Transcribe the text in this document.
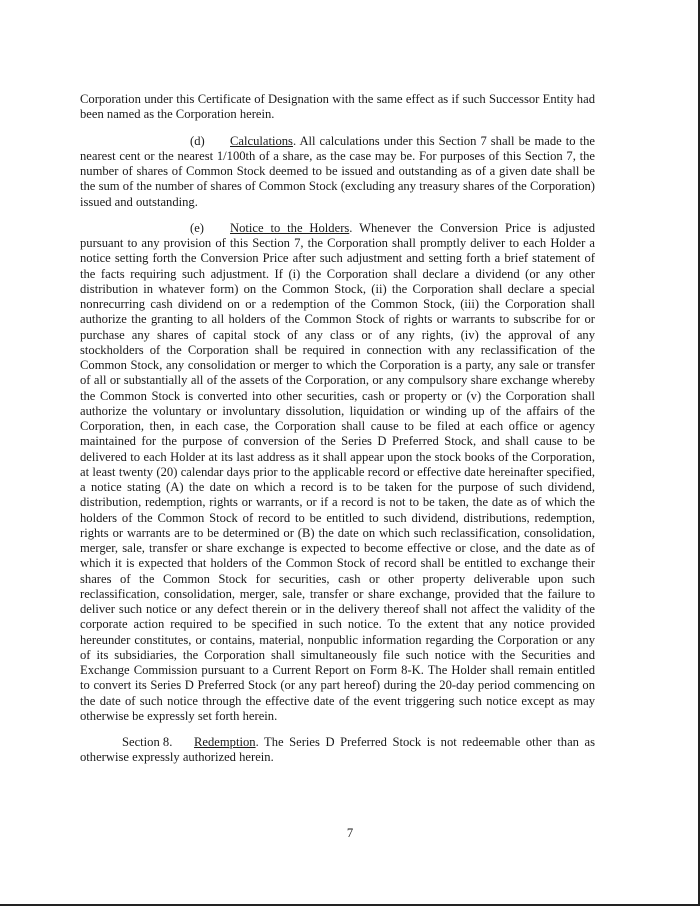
Corporation under this Certificate of Designation with the same effect as if such Successor Entity had been named as the Corporation herein.

(d) Calculations. All calculations under this Section 7 shall be made to the nearest cent or the nearest 1/100th of a share, as the case may be. For purposes of this Section 7, the number of shares of Common Stock deemed to be issued and outstanding as of a given date shall be the sum of the number of shares of Common Stock (excluding any treasury shares of the Corporation) issued and outstanding.

(e) Notice to the Holders. Whenever the Conversion Price is adjusted pursuant to any provision of this Section 7, the Corporation shall promptly deliver to each Holder a notice setting forth the Conversion Price after such adjustment and setting forth a brief statement of the facts requiring such adjustment. If (i) the Corporation shall declare a dividend (or any other distribution in whatever form) on the Common Stock, (ii) the Corporation shall declare a special nonrecurring cash dividend on or a redemption of the Common Stock, (iii) the Corporation shall authorize the granting to all holders of the Common Stock of rights or warrants to subscribe for or purchase any shares of capital stock of any class or of any rights, (iv) the approval of any stockholders of the Corporation shall be required in connection with any reclassification of the Common Stock, any consolidation or merger to which the Corporation is a party, any sale or transfer of all or substantially all of the assets of the Corporation, or any compulsory share exchange whereby the Common Stock is converted into other securities, cash or property or (v) the Corporation shall authorize the voluntary or involuntary dissolution, liquidation or winding up of the affairs of the Corporation, then, in each case, the Corporation shall cause to be filed at each office or agency maintained for the purpose of conversion of the Series D Preferred Stock, and shall cause to be delivered to each Holder at its last address as it shall appear upon the stock books of the Corporation, at least twenty (20) calendar days prior to the applicable record or effective date hereinafter specified, a notice stating (A) the date on which a record is to be taken for the purpose of such dividend, distribution, redemption, rights or warrants, or if a record is not to be taken, the date as of which the holders of the Common Stock of record to be entitled to such dividend, distributions, redemption, rights or warrants are to be determined or (B) the date on which such reclassification, consolidation, merger, sale, transfer or share exchange is expected to become effective or close, and the date as of which it is expected that holders of the Common Stock of record shall be entitled to exchange their shares of the Common Stock for securities, cash or other property deliverable upon such reclassification, consolidation, merger, sale, transfer or share exchange, provided that the failure to deliver such notice or any defect therein or in the delivery thereof shall not affect the validity of the corporate action required to be specified in such notice. To the extent that any notice provided hereunder constitutes, or contains, material, nonpublic information regarding the Corporation or any of its subsidiaries, the Corporation shall simultaneously file such notice with the Securities and Exchange Commission pursuant to a Current Report on Form 8-K. The Holder shall remain entitled to convert its Series D Preferred Stock (or any part hereof) during the 20-day period commencing on the date of such notice through the effective date of the event triggering such notice except as may otherwise be expressly set forth herein.

Section 8. Redemption. The Series D Preferred Stock is not redeemable other than as otherwise expressly authorized herein.

7
